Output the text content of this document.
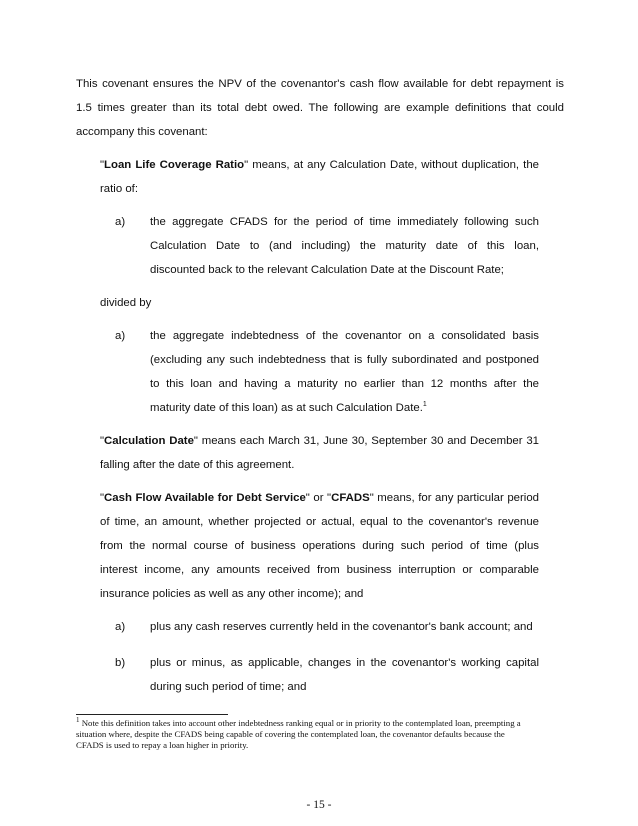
This covenant ensures the NPV of the covenantor's cash flow available for debt repayment is
1.5 times greater than its total debt owed. The following are example definitions that could
accompany this covenant:
"Loan Life Coverage Ratio" means, at any Calculation Date, without duplication, the
ratio of:
a) the aggregate CFADS for the period of time immediately following such
Calculation Date to (and including) the maturity date of this loan,
discounted back to the relevant Calculation Date at the Discount Rate;
divided by
a) the aggregate indebtedness of the covenantor on a consolidated basis
(excluding any such indebtedness that is fully subordinated and postponed
to this loan and having a maturity no earlier than 12 months after the
maturity date of this loan) as at such Calculation Date.$^1$
"Calculation Date" means each March 31, June 30, September 30 and December 31
falling after the date of this agreement.
"Cash Flow Available for Debt Service" or "CFADS" means, for any particular period
of time, an amount, whether projected or actual, equal to the covenantor's revenue
from the normal course of business operations during such period of time (plus
interest income, any amounts received from business interruption or comparable
insurance policies as well as any other income); and
a) plus any cash reserves currently held in the covenantor's bank account; and
b) plus or minus, as applicable, changes in the covenantor's working capital
during such period of time; and
$^1$ Note this definition takes into account other indebtedness ranking equal or in priority to the contemplated loan, preempting a
situation where, despite the CFADS being capable of covering the contemplated loan, the covenantor defaults because the
CFADS is used to repay a loan higher in priority.
- 15 -
